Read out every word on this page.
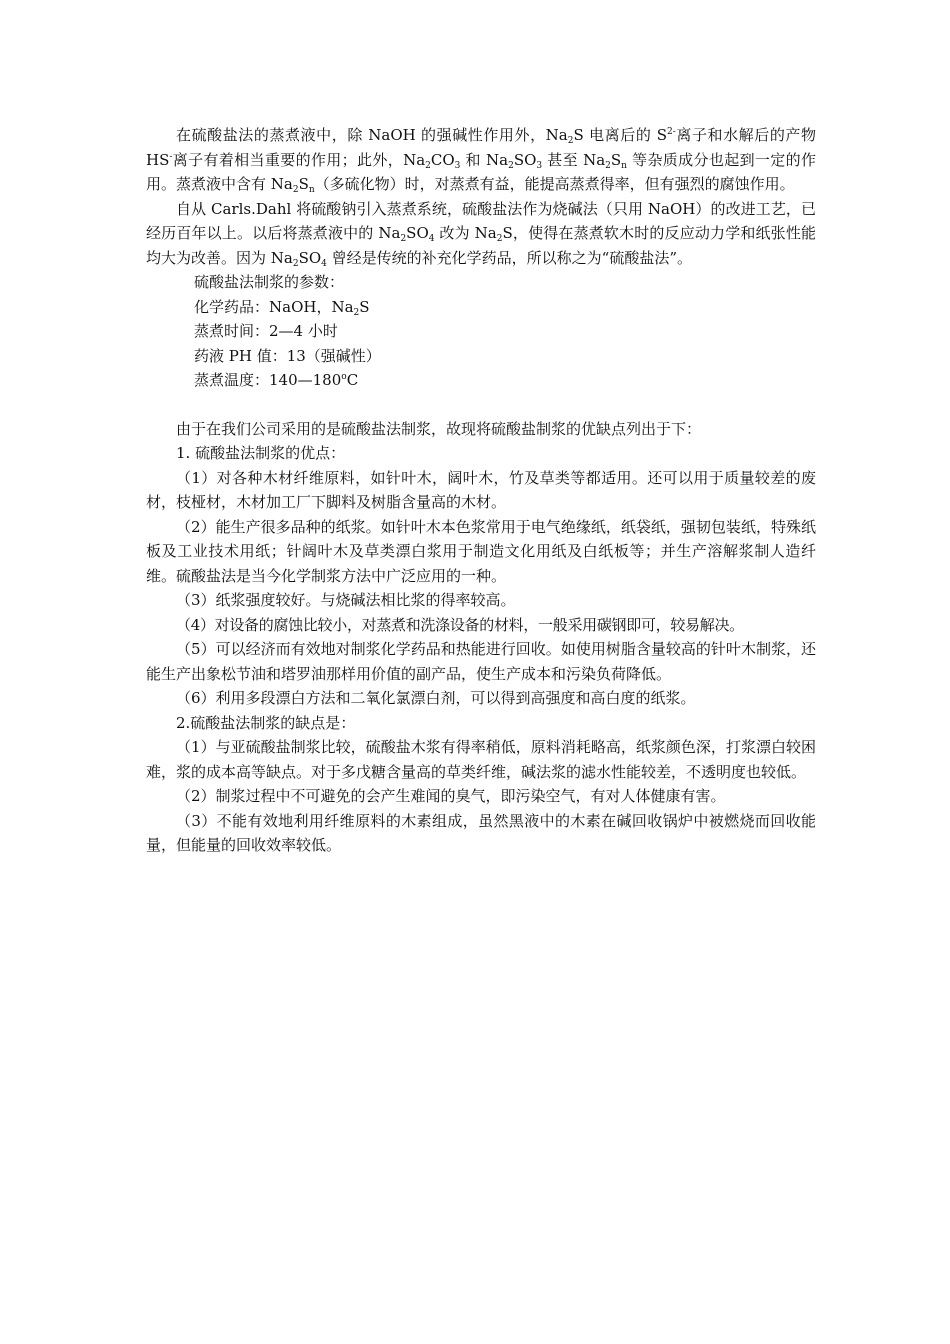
在硫酸盐法的蒸煮液中，除 NaOH 的强碱性作用外，$Na_2S$ 电离后的 $S^{2-}$离子和水解后的产物 HS-离子有着相当重要的作用；此外，$Na_2CO_3$ 和 $Na_2SO_3$ 甚至 $Na_2S_n$ 等杂质成分也起到一定的作用。蒸煮液中含有 $Na_2S_n$（多硫化物）时，对蒸煮有益，能提高蒸煮得率，但有强烈的腐蚀作用。

自从 Carls.Dahl 将硫酸钠引入蒸煮系统，硫酸盐法作为烧碱法（只用 NaOH）的改进工艺，已经历百年以上。以后将蒸煮液中的 $Na_2SO_4$ 改为 $Na_2S$，使得在蒸煮软木时的反应动力学和纸张性能均大为改善。因为 $Na_2SO_4$ 曾经是传统的补充化学药品，所以称之为“硫酸盐法”。

硫酸盐法制浆的参数：

化学药品：NaOH，$Na_2S$

蒸煮时间：2—4 小时

药液 PH 值：13（强碱性）

蒸煮温度：140—180$^o$C

由于在我们公司采用的是硫酸盐法制浆，故现将硫酸盐制浆的优缺点列出于下：

1. 硫酸盐法制浆的优点：

（1）对各种木材纤维原料，如针叶木，阔叶木，竹及草类等都适用。还可以用于质量较差的废材，枝桠材，木材加工厂下脚料及树脂含量高的木材。

（2）能生产很多品种的纸浆。如针叶木本色浆常用于电气绝缘纸，纸袋纸，强韧包装纸，特殊纸板及工业技术用纸；针阔叶木及草类漂白浆用于制造文化用纸及白纸板等；并生产溶解浆制人造纤维。硫酸盐法是当今化学制浆方法中广泛应用的一种。

（3）纸浆强度较好。与烧碱法相比浆的得率较高。

（4）对设备的腐蚀比较小，对蒸煮和洗涤设备的材料，一般采用碳钢即可，较易解决。

（5）可以经济而有效地对制浆化学药品和热能进行回收。如使用树脂含量较高的针叶木制浆，还能生产出象松节油和塔罗油那样用价值的副产品，使生产成本和污染负荷降低。

（6）利用多段漂白方法和二氧化氯漂白剂，可以得到高强度和高白度的纸浆。

2.硫酸盐法制浆的缺点是：

（1）与亚硫酸盐制浆比较，硫酸盐木浆有得率稍低，原料消耗略高，纸浆颜色深，打浆漂白较困难，浆的成本高等缺点。对于多戊糖含量高的草类纤维，碱法浆的滤水性能较差，不透明度也较低。

（2）制浆过程中不可避免的会产生难闻的臭气，即污染空气，有对人体健康有害。

（3）不能有效地利用纤维原料的木素组成，虽然黑液中的木素在碱回收锅炉中被燃烧而回收能量，但能量的回收效率较低。
